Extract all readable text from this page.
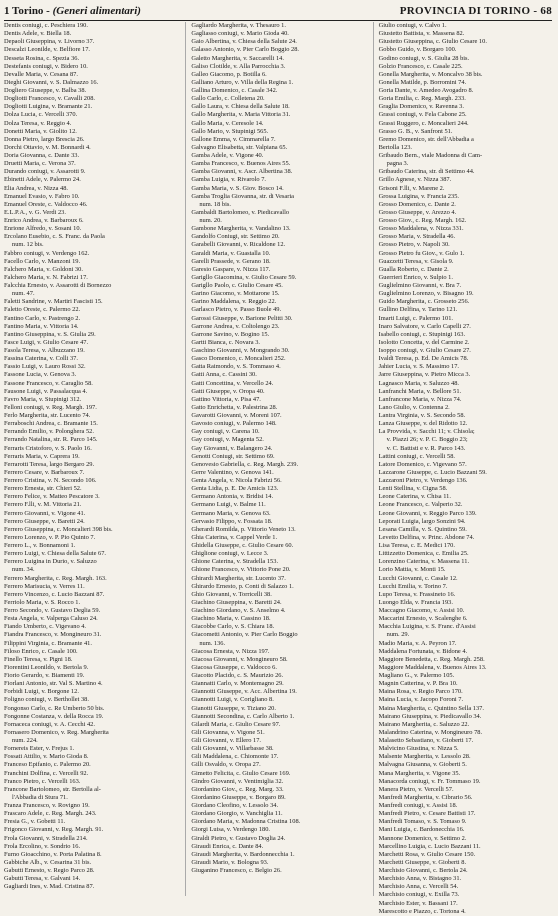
1 Torino - (Generi alimentari)	PROVINCIA DI TORINO - 68
Dentis coniugi, c. Peschiera 190.
Dentis Adele, v. Biella 18.
Depaoli Giuseppina, v. Livorno 37.
Descalzi Leonilde, v. Belfiore 17.
Desseta Rosina, c. Spezia 36.
Destefanis coniugi, v. Bidero 10.
Devalle Maria, v. Cesana 87.
Dieghi Giovanni, v. S. Dalmazzo 16.
Dogliero Giuseppe, v. Balba 38.
Dogliotti Francesco, v. Cavalli 208.
Dogliotti Luigina, v. Bramante 21.
Dolza Lucia, c. Vercelli 370.
Dolza Teresa, v. Reggio 4.
Donetti Maria, v. Giolito 12.
Donna Pietro, largo Brescia 26.
Dorchi Ottavio, v. M. Bonnardi 4.
Doria Giovanna, c. Dante 33.
Druetti Maria, c. Verona 37.
Durando coniugi, v. Assarotti 9.
Ebinetti Adele, v. Palermo 24.
Elia Andrea, v. Nizza 48.
Emanuel Evasio, v. Fabro 10.
Emanuel Oreste, c. Valdocco 46.
E.L.P.A., v. G. Verdi 23.
Enrico Andrea, v. Barbaroux 6.
Enrione Alfredo, v. Sosani 10.
Ercolano Eusebio, c. S. Franc. da Paola
num. 12 bis.
Fabbro coniugi, v. Verdengo 162.
Facello Carlo, v. Manzoni 19.
Falchero Maria, v. Goldoni 30.
Falchero Maria, v. N. Fabrizi 17.
Falcchia Ernesto, v. Assarotti di Bornezzo
num. 47.
Faletti Sandrine, v. Martiri Fascisti 15.
Faletto Oreste, c. Palermo 22.
Fantino Carlo, v. Pastrengo 2.
Fantino Maria, v. Vittoria 14.
Fantino Giuseppina, v. S. Giulia 29.
Fasce Luigi, v. Giulio Cesare 47.
Fasola Teresa, v. Albuzzano 19.
Fassina Caterina, v. Colli 37.
Fassio Luigi, v. Lauro Rossi 32.
Fassone Lucia, v. Genova 3.
Fassone Francesco, v. Caraglio 58.
Fausone Luigi, v. Passalacqua 4.
Favro Maria, v. Stupinigi 312.
Felloni coniugi, v. Reg. Margh. 197.
Ferlo Margherita, str. Lucento 74.
Ferraboschi Andrea, c. Bramante 15.
Ferrando Emilio, v. Polonghera 52.
Ferrando Natalina, str. R. Parco 145.
Ferraris Cristoforo, v. S. Paolo 16.
Ferraris Maria, v. Caprera 19.
Ferrarotti Teresa, largo Bergaro 29.
Ferrero Cesare, v. Barbaroux 7.
Ferrero Cristina, v. N. Secondo 106.
Ferrero Ernesta, str. Chieri 52.
Ferrero Felice, v. Matteo Pescatore 3.
Ferrero F.lli, v. M. Vittoria 21.
Ferrero Giovanni, v. Vigone 41.
Ferrero Giuseppe, v. Baretti 24.
Ferrero Giuseppina, c. Moncalieri 398 bis.
Ferrero Lorenzo, v. P. Pio Quinto 7.
Ferrero L., v. Bonnamoni 1.
Ferrero Luigi, v. Chiesa della Salute 67.
Ferrero Luigina in Durio, v. Saluzzo
num. 34.
Ferrero Margherita, c. Reg. Margh. 163.
Ferrero Marisucia, v. Verres 11.
Ferrero Vincenzo, c. Lucio Bazzani 87.
Ferriolo Maria, v. S. Rocco 1.
Ferro Secondo, v. Gustavo Deglia 59.
Festa Angela, v. Valperga Caluso 24.
Fiando Umberto, c. Vigevano 4.
Fiandra Francesco, v. Mongineuro 31.
Filippini Virginia, c. Bramante 41.
Filoso Enrico, c. Casale 100.
Finello Teresa, v. Pigni 18.
Fiorentini Leonildo, v. Bertola 9.
Fiorio Gerardo, v. Biamenti 19.
Fiorlani Antonio, str. Val S. Martino 4.
Forbidi Luigi, v. Borgone 12.
Foligno coniugi, v. Berthollet 38.
Fongonso Carlo, c. Re Umberto 50 bis.
Fongonne Costanza, v. della Rocca 19.
Fornaceca coniugi, v. A. Cecchi 42.
Fornasero Domenico, v. Reg. Margherita
num. 224.
Fornereis Ester, v. Frejus 1.
Fossati Attilio, v. Mario Gioda 8.
Franceso Epifanio, c. Palermo 20.
Franchini Dolfina, c. Vercelli 92.
Franco Pietro, c. Vercelli 163.
Francone Bartolomeo, str. Bertolla al-
l'Abbadia di Stura 71.
Franza Francesco, v. Rovigno 19.
Frascaro Adele, c. Reg. Margh. 243.
Fresia G., v. Gobetti 11.
Frigonco Giovanni, v. Reg. Margh. 91.
Frola Giovanni, v. Stradella 214.
Frola Ercolino, v. Sondrio 16.
Furno Gioacchino, v. Porta Palatina 8.
Gabbiche Alb., v. Cesarina 31 bis.
Gabutti Ernesto, v. Regio Parco 28.
Gabutti Teresa, v. Galvani 14.
Gagliardi Ines, v. Mad. Cristina 87.
Gagliardo Margherita, v. Thesauro 1.
Gagliasso coniugi, v. Mario Gioda 40.
Gaio Albertina, v. Chiesa della Salute 24.
Galasso Antonio, v. Pier Carlo Boggio 28.
Galetto Margherita, v. Saccarelli 14.
Galiso Clotilde, v. Alla Parrocchia 3.
Galleo Giacomo, p. Botilla 6.
Galliano Arturo, v. Villa della Regina 1.
Gallina Domenico, c. Casale 342.
Gallo Carlo, c. Colletena 20.
Gallo Laura, v. Chiesa della Salute 18.
Gallo Margherita, v. Maria Vittoria 31.
Gallo Maria, v. Ceresole 14.
Gallo Mario, v. Stupinigi 565.
Gallone Emma, v. Cimmarella 7.
Galvagno Elisabetta, str. Valpiana 65.
Gamba Adele, v. Vigone 40.
Gamba Francesco, v. Buenos Aires 55.
Gamba Giovanni, v. Ascr. Albertina 38.
Gamba Luigia, v. Rivarolo 7.
Gamba Maria, v. S. Giov. Bosco 14.
Gamba Troglia Giovanna, str. di Vesaria
num. 18 bis.
Gambaldi Bartolomeo, v. Piedicavallo
num. 20.
Gambone Margherita, v. Vandalino 13.
Gandolfo Coniugi, str. Settimo 20.
Garabelli Giovanni, v. Ricaldone 12.
Garaldi Maria, v. Guastalla 10.
Garelli Prassede, v. Gerano 18.
Garesio Gaspare, v. Nizza 117.
Garigllo Giacomina, v. Giulio Cesare 59.
Garigllo Paolo, c. Giulio Cesare 45.
Garino Giacomo, v. Mottarone 15.
Garino Maddalena, v. Reggio 22.
Garlasco Pietro, v. Passo Buole 49.
Garossi Giuseppe, v. Barione Pelitti 30.
Garrone Andrea, v. Coltolengo 23.
Garrone Savino, v. Bogino 15.
Gartti Bianca, c. Novara 3.
Gaschino Giovanni, v. Mongrando 30.
Gasco Domenico, c. Moncalieri 252.
Gatta Raimondo, v. S. Tommaso 4.
Gatti Anna, c. Cassini 30.
Gatti Concettina, v. Vercello 24.
Gatti Giuseppe, v. Oropa 40.
Gattino Vittoria, v. Pisa 47.
Gatto Enrichetta, v. Palestrina 28.
Gavarotti Giovanni, v. Moreni 107.
Gavosto coniugi, v. Palermo 148.
Gay coniugi, v. Carena 10.
Gay coniugi, v. Magenta 52.
Gay Giovanni, v. Balangero 24.
Genotti Coniugi, str. Settimo 69.
Genovesio Gabriella, c. Reg. Margh. 239.
Gerre Valentino, v. Genova 141.
Genta Angela, v. Nicola Fabrizi 56.
Genta Lidia, p. E. De Amicis 123.
Germano Antonia, v. Bridisi 14.
Germano Luigi, v. Balme 11.
Germano Maria, v. Genova 63.
Gervasio Filippo, v. Fossata 18.
Gherardi Romilda, p. Vittorio Veneto 13.
Ghia Caterina, v. Cappel Verde 1.
Ghidella Giuseppe, c. Giulio Cesare 60.
Ghiglione coniugi, v. Lecce 3.
Ghione Caterina, v. Stradella 153.
Ghione Francesco, v. Vittorio Pone 20.
Ghirardi Margherita, str. Lucento 37.
Ghirardo Ernesto, p. Conti di Salazzo 1.
Ghio Giovanni, v. Torricelli 38.
Giachino Giuseppina, v. Baretti 24.
Giachino Giordano, v. S. Anselmo 4.
Giachino Maria, v. Cassino 18.
Giacobbe Carlo, v. S. Chiara 18.
Giacometti Antonio, v. Pier Carlo Boggio
num. 136.
Giacosa Ernesta, v. Nizza 197.
Giacosa Giovanni, v. Mongineuro 58.
Giacosa Giuseppe, c. Valdocco 6.
Giacotto Placido, c. S. Maurizio 26.
Giannatti Carlo, v. Montemagno 29.
Giannotti Giuseppe, v. Acc. Albertina 19.
Giannotti Luigi, v. Corigliano 8.
Gianotti Giuseppe, v. Tiziano 20.
Giannotti Secondina, c. Carlo Alberto 1.
Gilardi Maria, c. Giulio Cesare 97.
Gili Giovanna, v. Vigone 51.
Gili Giovanni, v. Ellero 17.
Gili Giovanni, v. Villarbasse 38.
Gili Maddalena, c. Chiomonte 17.
Gilli Osvaldo, v. Oropa 27.
Gimetto Felicita, c. Giulio Cesare 169.
Gindro Giovanni, v. Ventimiglia 32.
Giordanino Giov., c. Reg. Marg. 33.
Giordanino Giuseppe, v. Borgaro 89.
Giordano Cleofino, v. Lessolo 34.
Giordano Giorgio, v. Vanchiglia 11.
Giordano Maria, v. Madonna Cristina 108.
Giorgi Luisa, v. Verdengo 180.
Giraldi Pietro, v. Gustavo Doglia 24.
Giraudi Enrica, c. Dante 84.
Giraudi Margherita, v. Bardonnecchia 1.
Giraudi Mario, v. Bologna 93.
Giuganino Francesco, c. Belgio 26.
Giulio coniugi, v. Calvo 1.
Giustetto Battista, v. Massena 82.
Giustetto Giuseppina, c. Giulio Cesare 10.
Gobbo Guido, v. Borgaro 100.
Godino coniugi, v. S. Giulia 28 bis.
Golzio Francesco, c. Casale 225.
Gonella Margherita, v. Moncalvo 38 bis.
Gonella Matilde, p. Borromini 74.
Goria Dante, v. Amedeo Avogadro 8.
Goria Emilia, c. Reg. Margh. 233.
Graglia Domenico, v. Ravenna 3.
Grassi coniugi, v. Fela Cabone 25.
Grassi Ruggero, c. Moncalieri 244.
Grasso G. B., v. Sanfront 51.
Gremo Domenico, str. dell'Abbadia a
Bertolla 123.
Gribaudo Bern., viale Madonna di Cam-
pagna 3.
Gribaudo Caterina, str. di Settimo 44.
Grillo Agnese, v. Nizza 387.
Grisoni F.lli, v. Marene 2.
Grossa Luigina, v. Francia 235.
Grosso Domenico, c. Dante 2.
Grosso Giuseppe, v. Arezzo 4.
Grosso Giov., c. Reg. Margh. 162.
Grosso Maddalena, v. Nizza 331.
Grosso Maria, v. Stradella 46.
Grosso Pietro, v. Napoli 30.
Grosso Pietro fu Giov., v. Gulo 1.
Guazzetti Teresa, v. Gisola 9.
Gualla Roberto, c. Dante 2.
Guerrieri Enrico, v. Sulpio 1.
Guglielmino Giovanni, v. Bra 7.
Guglielmino Lorenzo, v. Bisagno 19.
Guido Margherita, c. Grosseto 256.
Gullino Delfina, v. Tarino 121.
Imarti Luigi, c. Palermo 101.
Inaro Salvatore, v. Carlo Capelli 27.
Isabello coniugi, c. Stupinigi 163.
Isolotto Concetta, v. del Carmine 2.
Isoppo coniugi, v. Giulio Cesare 27.
Ivaldi Teresa, p. Ed. De Amicis 78.
Jahier Lucia, v. S. Massimo 17.
Jarre Giuseppina, v. Pietro Micca 3.
Lagnasco Maria, v. Saluzzo 48.
Lanfranchi Maria, v. Bellore 51.
Lanfrancone Maria, v. Nizza 74.
Lano Giulio, v. Contenna 2.
Lantra Virginia, v. S. Secondo 58.
Lanza Giuseppe, v. del Ridotto 12.
La Provvida, v. Sacchi 11; v. Chisola;
v. Piazzi 26; v. P. C. Boggio 23;
v. C. Battisti e v. R. Parco 143.
Lattini coniugi, c. Vercelli 58.
Latore Domenico, c. Vigevano 57.
Lazzarone Giuseppe, c. Lucio Bazzani 59.
Lazzaroni Pietro, v. Verdengo 136.
Lenti Stellina, v. Cigna 58.
Leone Caterina, v. Chisa 11.
Leone Francesco, c. Valperio 32.
Leone Giovanni, v. Reggio Parco 139.
Leporati Luigia, largo Sonzini 94.
Lesana Camilla, v. S. Quintino 59.
Levetto Delfina, v. Princ. Abdone 74.
Lisa Teresa, c. E. Medici 170.
Littizzetto Domenica, c. Emilia 25.
Lorenzino Caterina, v. Massena 11.
Lorio Mattia, v. Monti 15.
Lucchi Giovanni, c. Casale 12.
Lucchi Emilia, v. Torino 7.
Lupo Teresa, v. Frassineto 16.
Luongo Elda, v. Francia 193.
Maccagno Giacomo, v. Assisi 10.
Maccarini Ernesto, v. Scalenghe 6.
Macchia Luigina, v. S. Franc. d'Assisi
num. 29.
Madio Maria, v. A. Peyron 17.
Maddalena Fortunata, v. Bidone 4.
Maggiore Benedetta, c. Reg. Margh. 258.
Maggiore Maddalena, v. Buenos Aires 13.
Magliano G., v. Palermo 105.
Magnin Catterina, v. P. Bra 10.
Maina Rosa, v. Regio Parco 170.
Maina Lucia, v. Jacopo Foroni 7.
Maina Margherita, c. Quintino Sella 137.
Mairano Giuseppina, v. Piedicavallo 34.
Mairano Margherita, c. Saluzzo 22.
Malandrino Caterina, v. Mongineuro 78.
Malasetto Sebastiano, v. Gioberti 17.
Malvicino Giustina, v. Nizza 5.
Malsente Margherita, v. Lessolo 28.
Malvagna Giusanna, v. Gioberti 5.
Mana Margherita, v. Vigone 35.
Manacorda coniugi, v. Fr. Tommaso 19.
Manera Pietro, v. Vercelli 57.
Manfredi Margherita, v. Cibrario 56.
Manfredi coniugi, v. Assisi 18.
Manfredi Pietro, v. Cesare Battisti 17.
Manfredi Tomaso, v. S. Tomaso 9.
Mani Luigia, c. Bardonecchia 16.
Mannone Domenico, v. Settimo 2.
Marcellino Luigia, c. Lucio Bazzani 11.
Marchetti Rosa, v. Giulio Cesare 150.
Marchetti Giuseppe, v. Gioberti 8.
Marchisio Giovanni, c. Bertola 24.
Marchisio Anna, v. Bistagno 31.
Marchisio Anna, c. Vercelli 54.
Marchisio coniugi, v. Exilla 73.
Marchisio Ester, v. Bassani 17.
Marescotto e Piazzo, c. Tortona 4.
